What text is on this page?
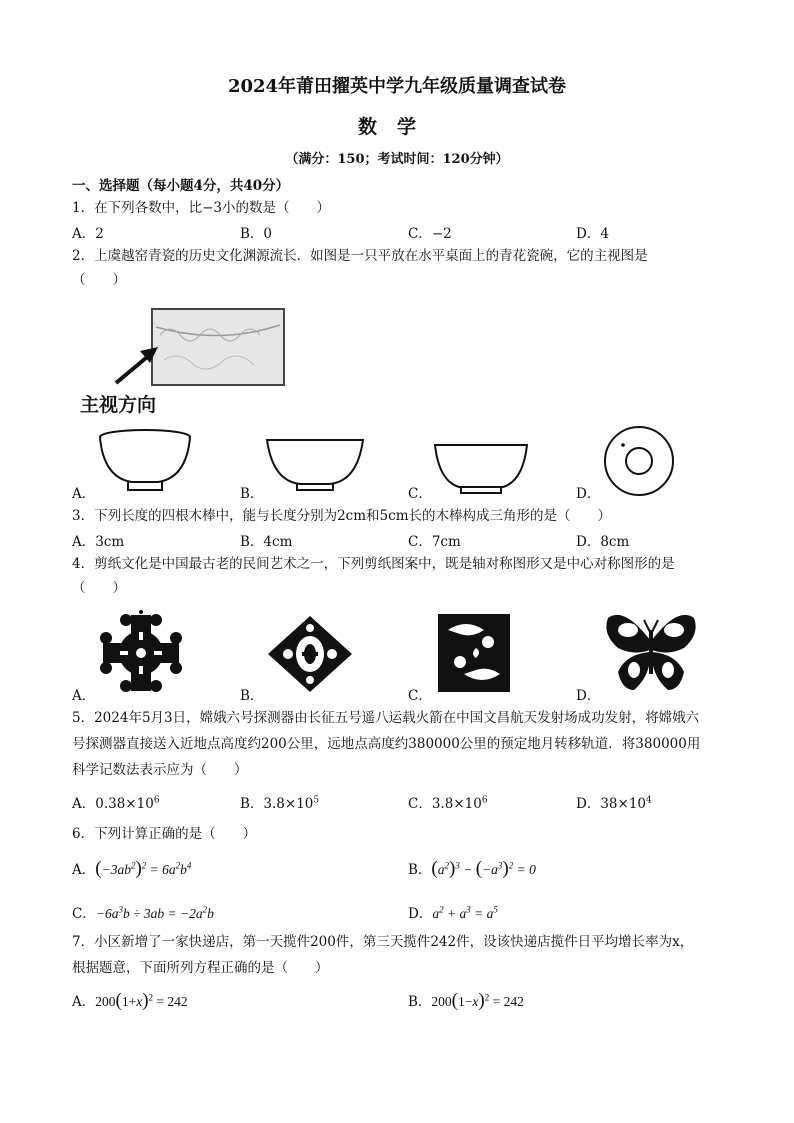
2024年莆田擢英中学九年级质量调查试卷
数学
（满分：150；考试时间：120分钟）
一、选择题（每小题4分，共40分）
1．在下列各数中，比−3小的数是（　　）
A．2	B．0	C．−2	D．4
2．上虞越窑青瓷的历史文化渊源流长．如图是一只平放在水平桌面上的青花瓷碗，它的主视图是
（　　）
主视方向
A．	B．	C．	D．
3．下列长度的四根木棒中，能与长度分别为2cm和5cm长的木棒构成三角形的是（　　）
A．3cm	B．4cm	C．7cm	D．8cm
4．剪纸文化是中国最古老的民间艺术之一，下列剪纸图案中，既是轴对称图形又是中心对称图形的是
（　　）
A．	B．	C．	D．
5．2024年5月3日，嫦娥六号探测器由长征五号遥八运载火箭在中国文昌航天发射场成功发射，将嫦娥六
号探测器直接送入近地点高度约200公里，远地点高度约380000公里的预定地月转移轨道．将380000用
科学记数法表示应为（　　）
A．$0.38\times 10^6$	B．$3.8\times 10^5$	C．$3.8\times 10^6$	D．$38\times 10^4$
6．下列计算正确的是（　　）
A．$(-3ab^2)^2 = 6a^2b^4$	B．$(a^2)^3 - (-a^3)^2 = 0$
C．$-6a^3b \div 3ab = -2a^2b$	D．$a^2 + a^3 = a^5$
7．小区新增了一家快递店，第一天揽件200件，第三天揽件242件，设该快递店揽件日平均增长率为x，
根据题意，下面所列方程正确的是（　　）
A．$200(1+x)^2 = 242$	B．$200(1-x)^2 = 242$
